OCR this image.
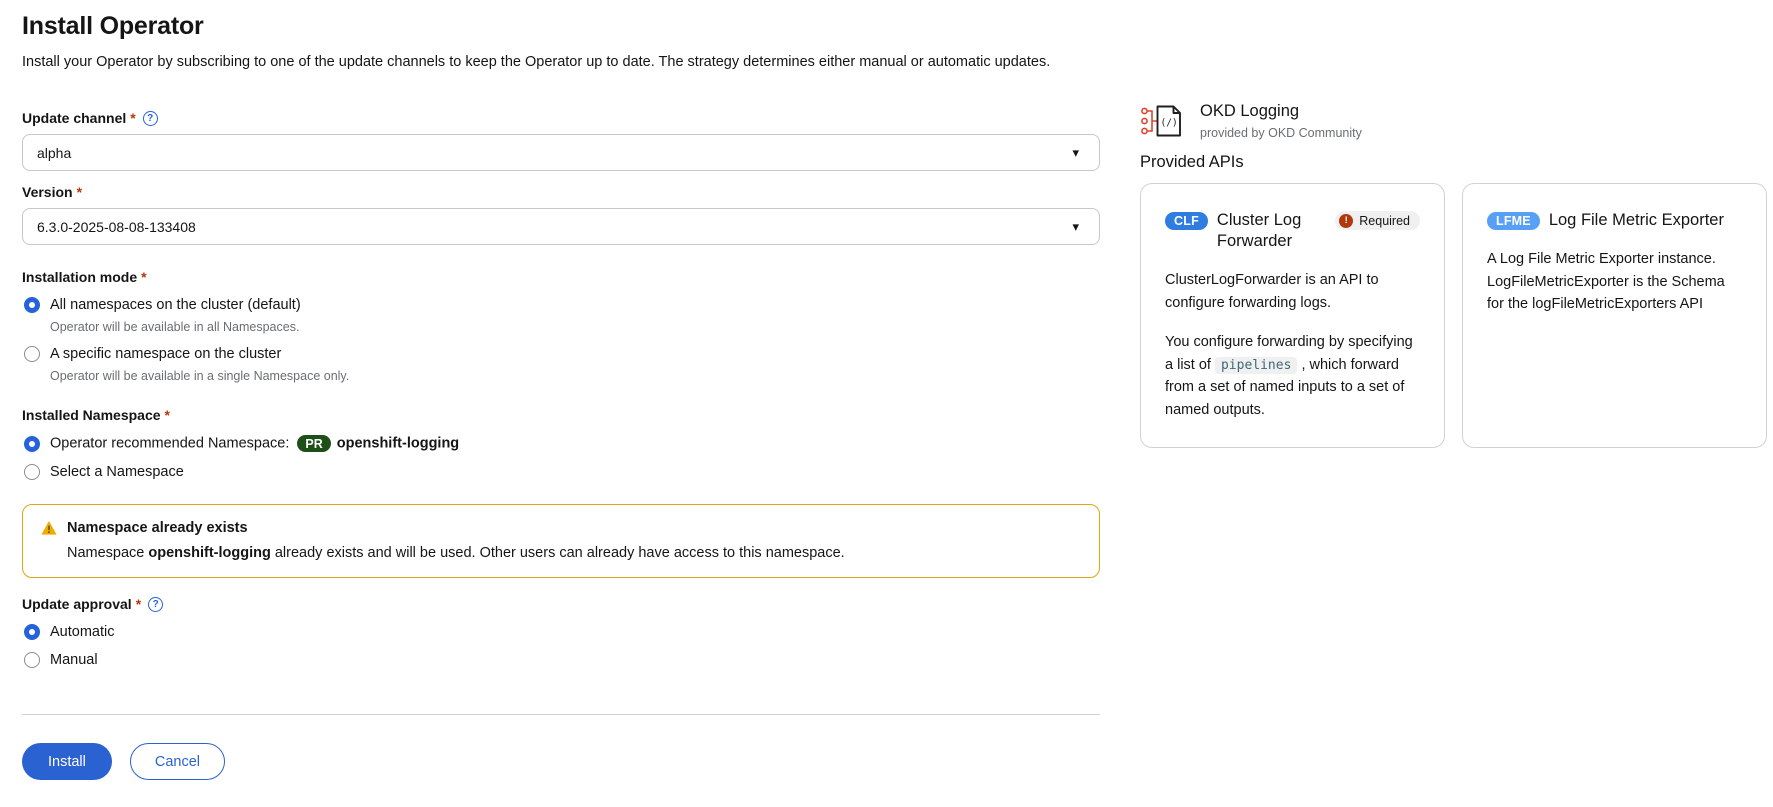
Install Operator
Install your Operator by subscribing to one of the update channels to keep the Operator up to date. The strategy determines either manual or automatic updates.
Update channel *	?
alpha	▾
Version *
6.3.0-2025-08-08-133408	▾
Installation mode *
All namespaces on the cluster (default)
Operator will be available in all Namespaces.
A specific namespace on the cluster
Operator will be available in a single Namespace only.
Installed Namespace *
Operator recommended Namespace: PR openshift-logging
Select a Namespace
Namespace already exists
Namespace openshift-logging already exists and will be used. Other users can already have access to this namespace.
Update approval *	?
Automatic
Manual
Install	Cancel
(/)
OKD Logging
provided by OKD Community
Provided APIs
CLF	Cluster Log Forwarder
! Required

ClusterLogForwarder is an API to configure forwarding logs.

You configure forwarding by specifying a list of pipelines , which forward from a set of named inputs to a set of named outputs.

LFME	Log File Metric Exporter

A Log File Metric Exporter instance. LogFileMetricExporter is the Schema for the logFileMetricExporters API
